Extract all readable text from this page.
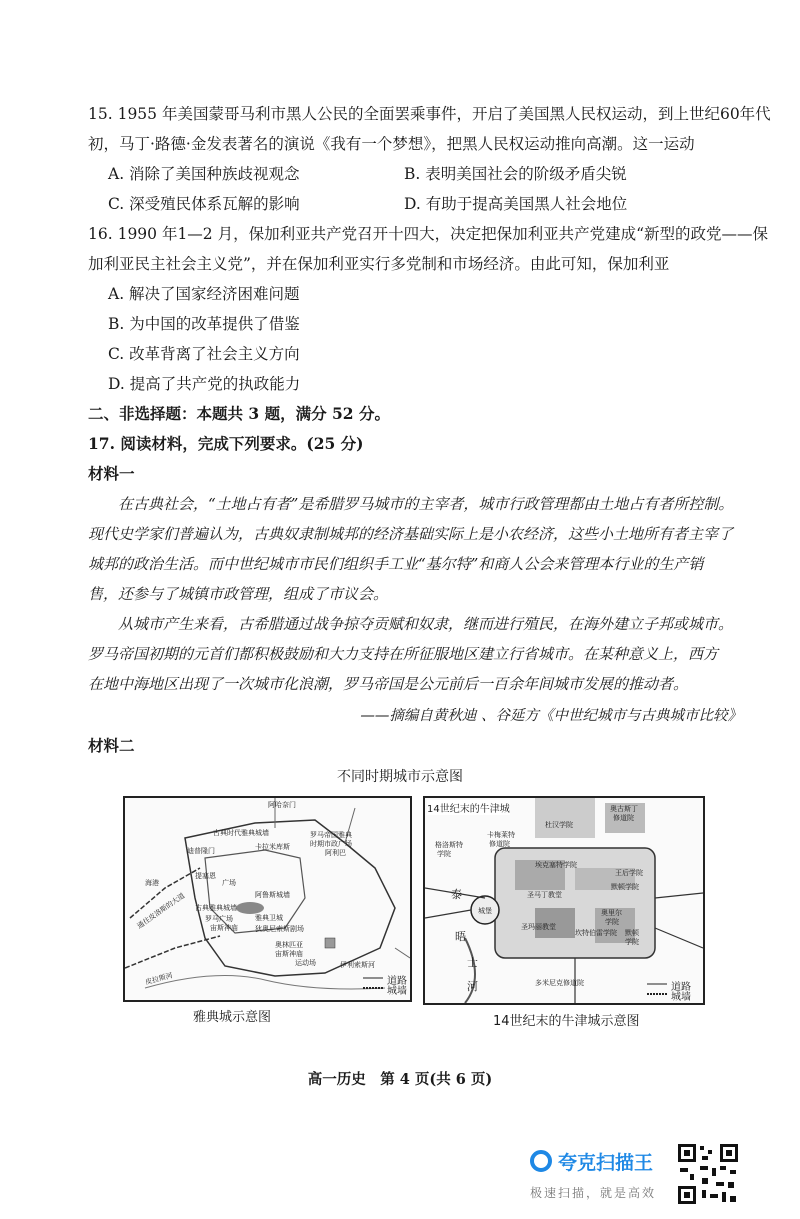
15. 1955 年美国蒙哥马利市黑人公民的全面罢乘事件，开启了美国黑人民权运动，到上世纪60年代
初，马丁·路德·金发表著名的演说《我有一个梦想》，把黑人民权运动推向高潮。这一运动
A. 消除了美国种族歧视观念	B. 表明美国社会的阶级矛盾尖锐
C. 深受殖民体系瓦解的影响	D. 有助于提高美国黑人社会地位
16. 1990 年1—2 月，保加利亚共产党召开十四大，决定把保加利亚共产党建成“新型的政党——保
加利亚民主社会主义党”，并在保加利亚实行多党制和市场经济。由此可知，保加利亚
A. 解决了国家经济困难问题
B. 为中国的改革提供了借鉴
C. 改革背离了社会主义方向
D. 提高了共产党的执政能力
二、非选择题：本题共 3 题，满分 52 分。
17. 阅读材料，完成下列要求。(25 分)
材料一
在古典社会，“土地占有者”是希腊罗马城市的主宰者，城市行政管理都由土地占有者所控制。
现代史学家们普遍认为，古典奴隶制城邦的经济基础实际上是小农经济，这些小土地所有者主宰了
城邦的政治生活。而中世纪城市市民们组织手工业“基尔特”和商人公会来管理本行业的生产销
售，还参与了城镇市政管理，组成了市议会。
从城市产生来看，古希腊通过战争掠夺贡赋和奴隶，继而进行殖民，在海外建立子邦或城市。
罗马帝国初期的元首们都积极鼓励和大力支持在所征服地区建立行省城市。在某种意义上，西方
在地中海地区出现了一次城市化浪潮，罗马帝国是公元前后一百余年间城市发展的推动者。
——摘编自黄秋迪 、谷延方《中世纪城市与古典城市比较》
材料二
不同时期城市示意图
阿哈奈门
古典时代雅典城墙	罗马帝国雅典
时期市政广场
卡拉米库斯
迪普隆门
提塞恩
广场
海港
通往皮洛斯的大道 古典雅典城墙
阿利巴
伊利索斯河
阿鲁斯城墙
罗马广场	雅典卫城
宙斯神庙 狄奥尼索斯剧场
奥林匹亚
宙斯神庙
运动场
皮拉斯河	道路
城墙
雅典城示意图
14世纪末的牛津城	奥古斯丁
修道院
杜汉学院
卡梅莱特
修道院
格洛斯特
学院
埃克塞特学院
王后学院
圣马丁教堂
默顿学院
城堡	奥里尔
学院
圣玛丽教堂
坎特伯雷学院 默顿
学院
多米尼克修道院
泰
晤
士
河	道路
城墙
14世纪末的牛津城示意图
高一历史　第 4 页(共 6 页)
夸克扫描王
极速扫描，就是高效
